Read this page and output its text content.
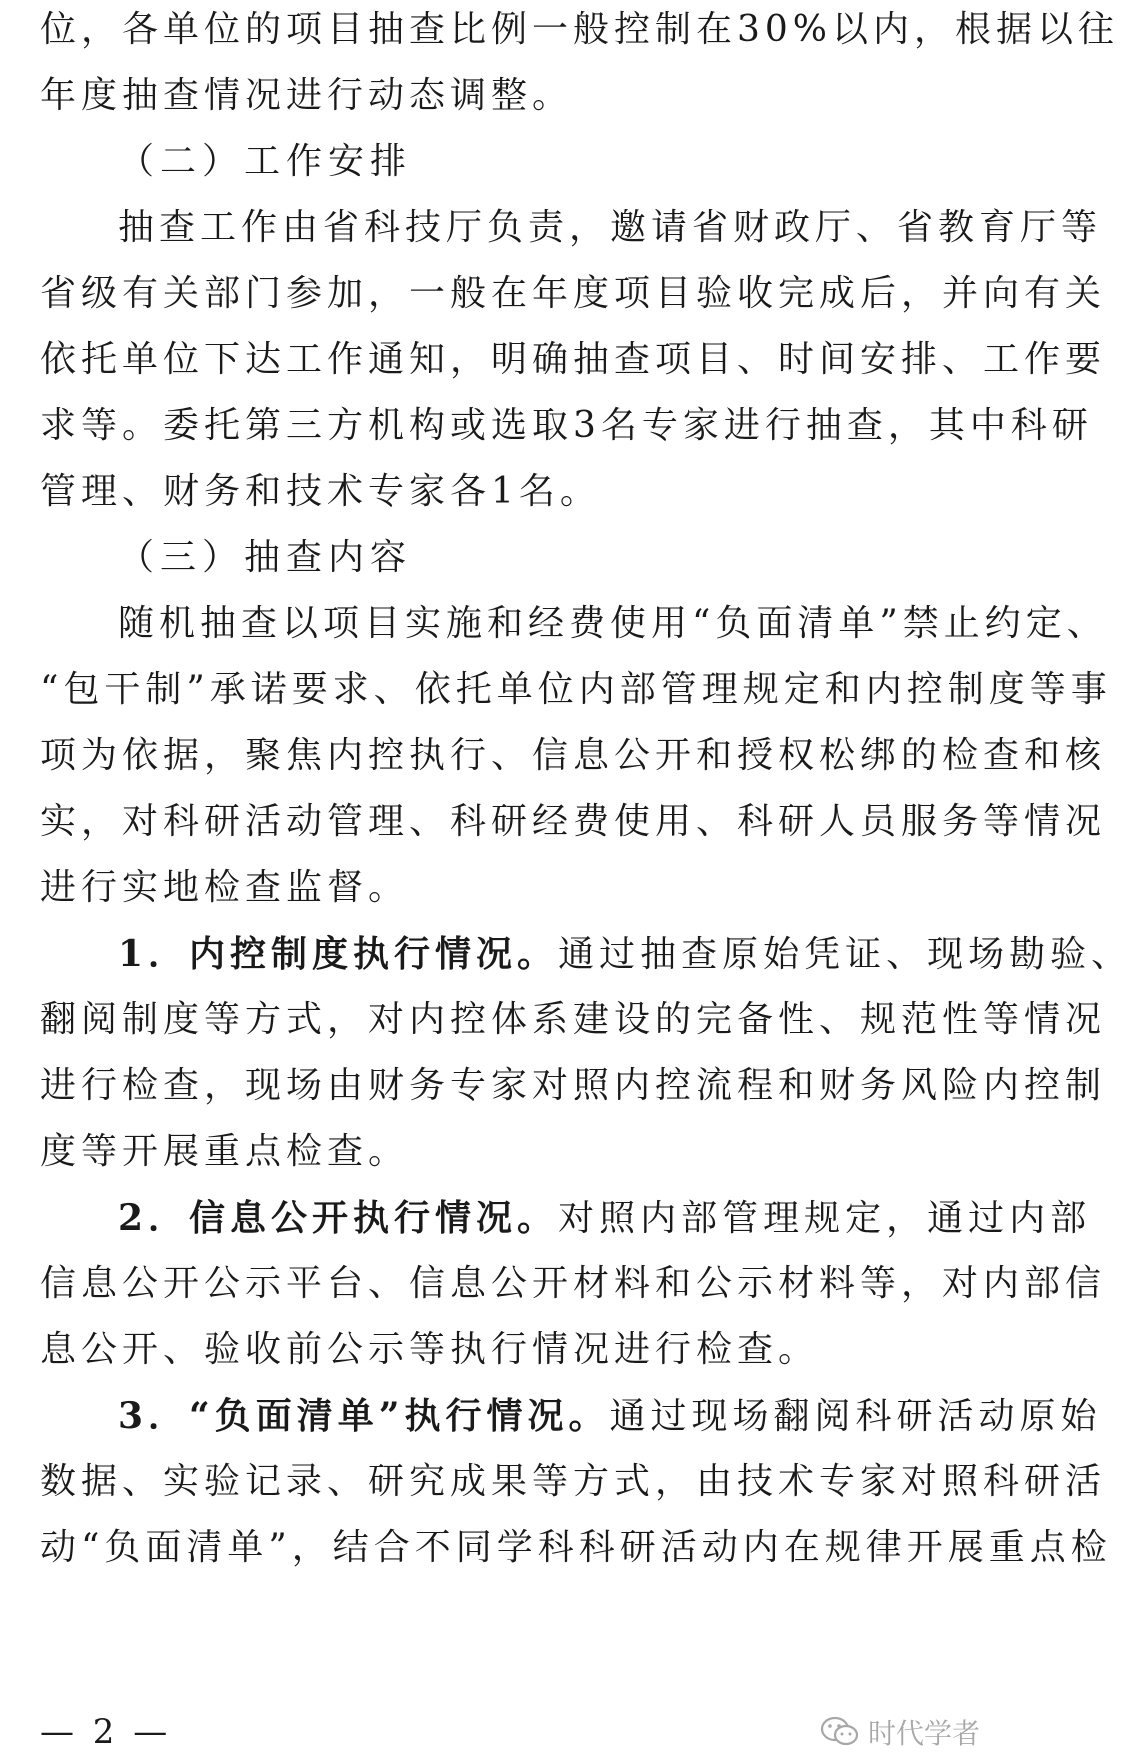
位，各单位的项目抽查比例一般控制在30%以内，根据以往
年度抽查情况进行动态调整。
（二）工作安排
抽查工作由省科技厅负责，邀请省财政厅、省教育厅等
省级有关部门参加，一般在年度项目验收完成后，并向有关
依托单位下达工作通知，明确抽查项目、时间安排、工作要
求等。委托第三方机构或选取3名专家进行抽查，其中科研
管理、财务和技术专家各1名。
（三）抽查内容
随机抽查以项目实施和经费使用“负面清单”禁止约定、
“包干制”承诺要求、依托单位内部管理规定和内控制度等事
项为依据，聚焦内控执行、信息公开和授权松绑的检查和核
实，对科研活动管理、科研经费使用、科研人员服务等情况
进行实地检查监督。
1．内控制度执行情况。通过抽查原始凭证、现场勘验、
翻阅制度等方式，对内控体系建设的完备性、规范性等情况
进行检查，现场由财务专家对照内控流程和财务风险内控制
度等开展重点检查。
2．信息公开执行情况。对照内部管理规定，通过内部
信息公开公示平台、信息公开材料和公示材料等，对内部信
息公开、验收前公示等执行情况进行检查。
3．“负面清单”执行情况。通过现场翻阅科研活动原始
数据、实验记录、研究成果等方式，由技术专家对照科研活
动“负面清单”，结合不同学科科研活动内在规律开展重点检
— 2 —	时代学者
